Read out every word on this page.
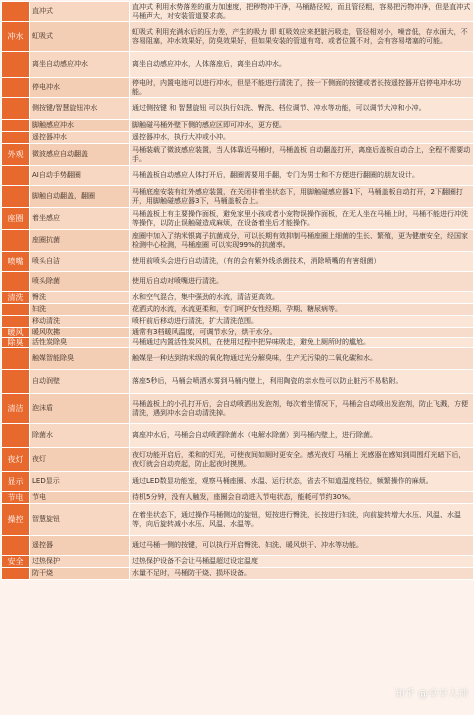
	直冲式	直冲式 利用水势落差的重力加速度，把秽物冲干净，马桶路径短，而且管径粗，容易把污物冲净，但是直冲式马桶声大，对安装管道要求高。
冲水	虹吸式	虹吸式 利用充满水后的压力差，产生的吸力 即 虹吸效应来把脏污吸走，管径相对小，噪音低，存水面大，不容易阻塞，冲水效果好，防臭效果好，但如果安装的管道有弯、或者位置不对，会有容易堵塞的可能。
	离坐自动感应冲水	离坐自动感应冲水，人体落座后，离坐自动冲水。
	停电冲水	停电时，内置电池可以进行冲水，但是不能进行清洗了，按一下侧面的按键或者长按遥控器开启停电冲水功能。
	侧按键/智慧旋钮冲水	通过侧按键 和 智慧旋钮 可以执行妇洗、臀洗、档位调节、冲水等功能，可以调节大冲和小冲。
	脚触感应冲水	脚触碰马桶外壁下侧的感应区即可冲水，更方便。
	遥控器冲水	遥控器冲水，执行大冲或小冲。
外观	微波感应自动翻盖	马桶装载了微波感应装置，当人体靠近马桶时，马桶盖板 自动翻盖打开，离座后盖板自动合上，全程不需要动手。
	AI自动手势翻圈	马桶盖板自动感应人体打开后，翻圈需要用手翻，专门为男士和不方便进行翻圈的朋友设计。
	脚触自动翻盖，翻圈	马桶底座安装有红外感应装置，在关闭非着坐状态下，用脚触碰感应器1下，马桶盖板自动打开，2下翻圈打开，用脚触碰感应器3下，马桶盖板合上。
座圈	着坐感应	马桶盖板上有主要操作面板，避免家里小孩或者小宠物误操作面板，在无人坐在马桶上时，马桶不能进行冲洗等操作，以防止误触碰造成麻烦，在设备着坐后才能操作。
	座圈抗菌	座圈中加入了纳米银离子抗菌成分，可以长期有效抑制马桶座圈上细菌的生长、繁殖，更为健康安全，经国家检测中心检测，马桶座圈 可以实现99%的抗菌率。
喷嘴	喷头自洁	使用前喷头会进行自动清洗，（有的会有紫外线杀菌技术，消除喷嘴的有害细菌）
	喷头除菌	使用后自动对喷嘴进行清洗。
清洗	臀洗	水和空气混合，集中强劲的水流，清洁更高效。
	妇洗	花洒式的水流，水流更柔和，专门呵护女性经期、孕期、糖尿病等。
	移动清洗	喷杆前后移动进行清洗，扩大清洗范围。
暖风	暖风吹拂	通常有3档暖风温度，可调节水分，烘干水分。
除臭	活性炭除臭	马桶通过内置活性炭风机，在使用过程中把异味吸走，避免上厕所时的尴尬。
	触媒智能除臭	触媒是一种达到纳米级的氧化物通过光分解臭味，生产无污染的二氧化碳和水。
	自动润壁	落座5秒后，马桶会喷洒水雾到马桶内壁上，利用陶瓷的亲水性可以防止脏污不易粘附。
清洁	泡沫盾	马桶盖板上的小孔打开后，会自动喷洒出发泡剂，每次着坐情况下，马桶会自动喷出发泡剂，防止飞溅，方便清洗，遇到冲水会自动清洗掉。
	除菌水	离座冲水后，马桶会自动喷洒除菌水（电解水除菌）到马桶内壁上，进行除菌。
夜灯	夜灯	夜灯功能开启后，柔和的灯光，可使夜间如厕时更安全。感光夜灯 马桶上 光感器在感知到周围灯光暗下后，夜灯就会自动亮起，防止起夜时摸黑。
显示	LED显示	通过LED数显功能室，观察马桶座圈、水温、运行状态，省去不知道温度档位，频繁操作的麻烦。
节电	节电	待机5分钟，没有人触发，座圈会自动进入节电状态，能耗可节约30%。
操控	智慧旋钮	在着坐状态下，通过操作马桶侧边的旋钮，短按进行臀洗，长按进行妇洗，向前旋转增大水压、风温、水温等，向后旋转减小水压、风温、水温等。
	遥控器	通过马桶一侧的按键，可以执行开启臀洗、妇洗、暖风烘干、冲水等功能。
安全	过热保护	过热保护设备不会让马桶温超过设定温度
	防干烧	水量不足时，马桶防干烧、损坏设备。
知乎 @享享大神
